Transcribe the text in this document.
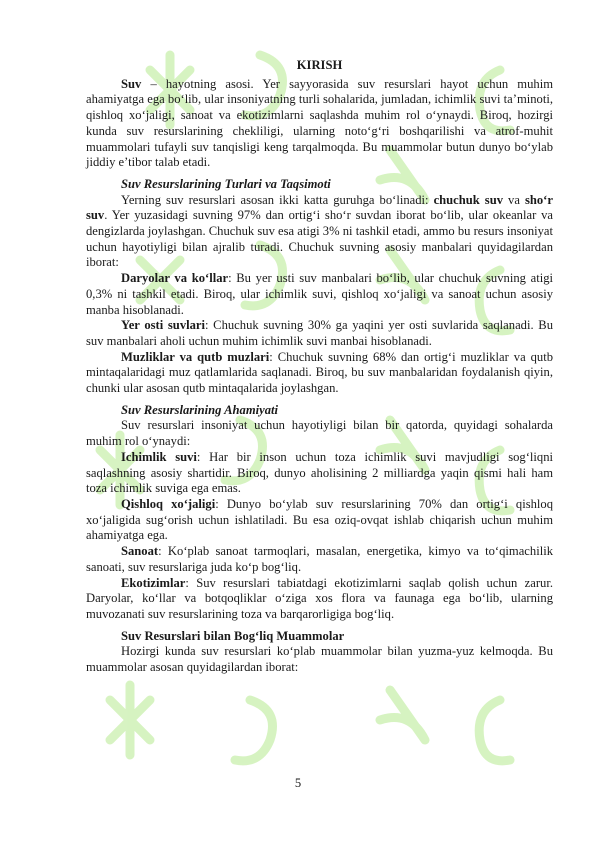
KIRISH

Suv – hayotning asosi. Yer sayyorasida suv resurslari hayot uchun muhim ahamiyatga ega bo‘lib, ular insoniyatning turli sohalarida, jumladan, ichimlik suvi ta’minoti, qishloq xo‘jaligi, sanoat va ekotizimlarni saqlashda muhim rol o‘ynaydi. Biroq, hozirgi kunda suv resurslarining chekliligi, ularning noto‘g‘ri boshqarilishi va atrof-muhit muammolari tufayli suv tanqisligi keng tarqalmoqda. Bu muammolar butun dunyo bo‘ylab jiddiy e’tibor talab etadi.

Suv Resurslarining Turlari va Taqsimoti

Yerning suv resurslari asosan ikki katta guruhga bo‘linadi: chuchuk suv va sho‘r suv. Yer yuzasidagi suvning 97% dan ortig‘i sho‘r suvdan iborat bo‘lib, ular okeanlar va dengizlarda joylashgan. Chuchuk suv esa atigi 3% ni tashkil etadi, ammo bu resurs insoniyat uchun hayotiyligi bilan ajralib turadi. Chuchuk suvning asosiy manbalari quyidagilardan iborat:

Daryolar va ko‘llar: Bu yer usti suv manbalari bo‘lib, ular chuchuk suvning atigi 0,3% ni tashkil etadi. Biroq, ular ichimlik suvi, qishloq xo‘jaligi va sanoat uchun asosiy manba hisoblanadi.

Yer osti suvlari: Chuchuk suvning 30% ga yaqini yer osti suvlarida saqlanadi. Bu suv manbalari aholi uchun muhim ichimlik suvi manbai hisoblanadi.

Muzliklar va qutb muzlari: Chuchuk suvning 68% dan ortig‘i muzliklar va qutb mintaqalaridagi muz qatlamlarida saqlanadi. Biroq, bu suv manbalaridan foydalanish qiyin, chunki ular asosan qutb mintaqalarida joylashgan.

Suv Resurslarining Ahamiyati

Suv resurslari insoniyat uchun hayotiyligi bilan bir qatorda, quyidagi sohalarda muhim rol o‘ynaydi:

Ichimlik suvi: Har bir inson uchun toza ichimlik suvi mavjudligi sog‘liqni saqlashning asosiy shartidir. Biroq, dunyo aholisining 2 milliardga yaqin qismi hali ham toza ichimlik suviga ega emas.

Qishloq xo‘jaligi: Dunyo bo‘ylab suv resurslarining 70% dan ortig‘i qishloq xo‘jaligida sug‘orish uchun ishlatiladi. Bu esa oziq-ovqat ishlab chiqarish uchun muhim ahamiyatga ega.

Sanoat: Ko‘plab sanoat tarmoqlari, masalan, energetika, kimyo va to‘qimachilik sanoati, suv resurslariga juda ko‘p bog‘liq.

Ekotizimlar: Suv resurslari tabiatdagi ekotizimlarni saqlab qolish uchun zarur. Daryolar, ko‘llar va botqoqliklar o‘ziga xos flora va faunaga ega bo‘lib, ularning muvozanati suv resurslarining toza va barqarorligiga bog‘liq.

Suv Resurslari bilan Bog‘liq Muammolar

Hozirgi kunda suv resurslari ko‘plab muammolar bilan yuzma-yuz kelmoqda. Bu muammolar asosan quyidagilardan iborat:

5
